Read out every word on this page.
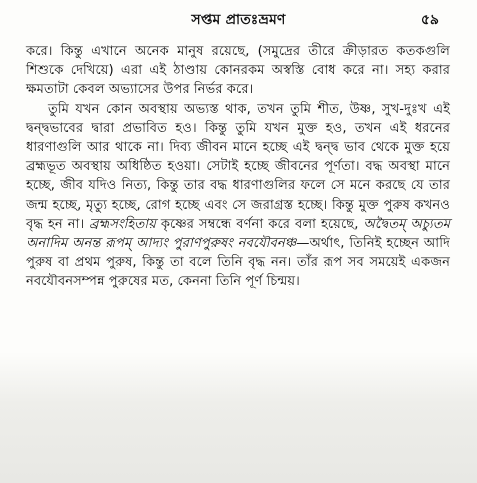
সপ্তম প্রাতঃভ্রমণ	৫৯

করে। কিন্তু এখানে অনেক মানুষ রয়েছে, (সমুদ্রের তীরে ক্রীড়ারত কতকগুলি শিশুকে দেখিয়ে) এরা এই ঠাণ্ডায় কোনরকম অস্বস্তি বোধ করে না। সহ্য করার ক্ষমতাটা কেবল অভ্যাসের উপর নির্ভর করে।

তুমি যখন কোন অবস্থায় অভ্যস্ত থাক, তখন তুমি শীত, উষ্ণ, সুখ-দুঃখ এই দ্বন্দ্বভাবের দ্বারা প্রভাবিত হও। কিন্তু তুমি যখন মুক্ত হও, তখন এই ধরনের ধারণাগুলি আর থাকে না। দিব্য জীবন মানে হচ্ছে এই দ্বন্দ্ব ভাব থেকে মুক্ত হয়ে ব্রহ্মভূত অবস্থায় অধিষ্ঠিত হওয়া। সেটাই হচ্ছে জীবনের পূর্ণতা। বদ্ধ অবস্থা মানে হচ্ছে, জীব যদিও নিত্য, কিন্তু তার বদ্ধ ধারণাগুলির ফলে সে মনে করছে যে তার জন্ম হচ্ছে, মৃত্যু হচ্ছে, রোগ হচ্ছে এবং সে জরাগ্রস্ত হচ্ছে। কিন্তু মুক্ত পুরুষ কখনও বৃদ্ধ হন না। ব্রহ্মসংহিতায় কৃষ্ণের সম্বন্ধে বর্ণনা করে বলা হয়েছে, অদ্বৈতম্ অচ্যুতম অনাদিম অনন্ত রূপম্ আদ্যং পুরাণপুরুষং নবযৌবনঞ্চ—অর্থাৎ, তিনিই হচ্ছেন আদি পুরুষ বা প্রথম পুরুষ, কিন্তু তা বলে তিনি বৃদ্ধ নন। তাঁর রূপ সব সময়েই একজন নবযৌবনসম্পন্ন পুরুষের মত, কেননা তিনি পূর্ণ চিন্ময়।
